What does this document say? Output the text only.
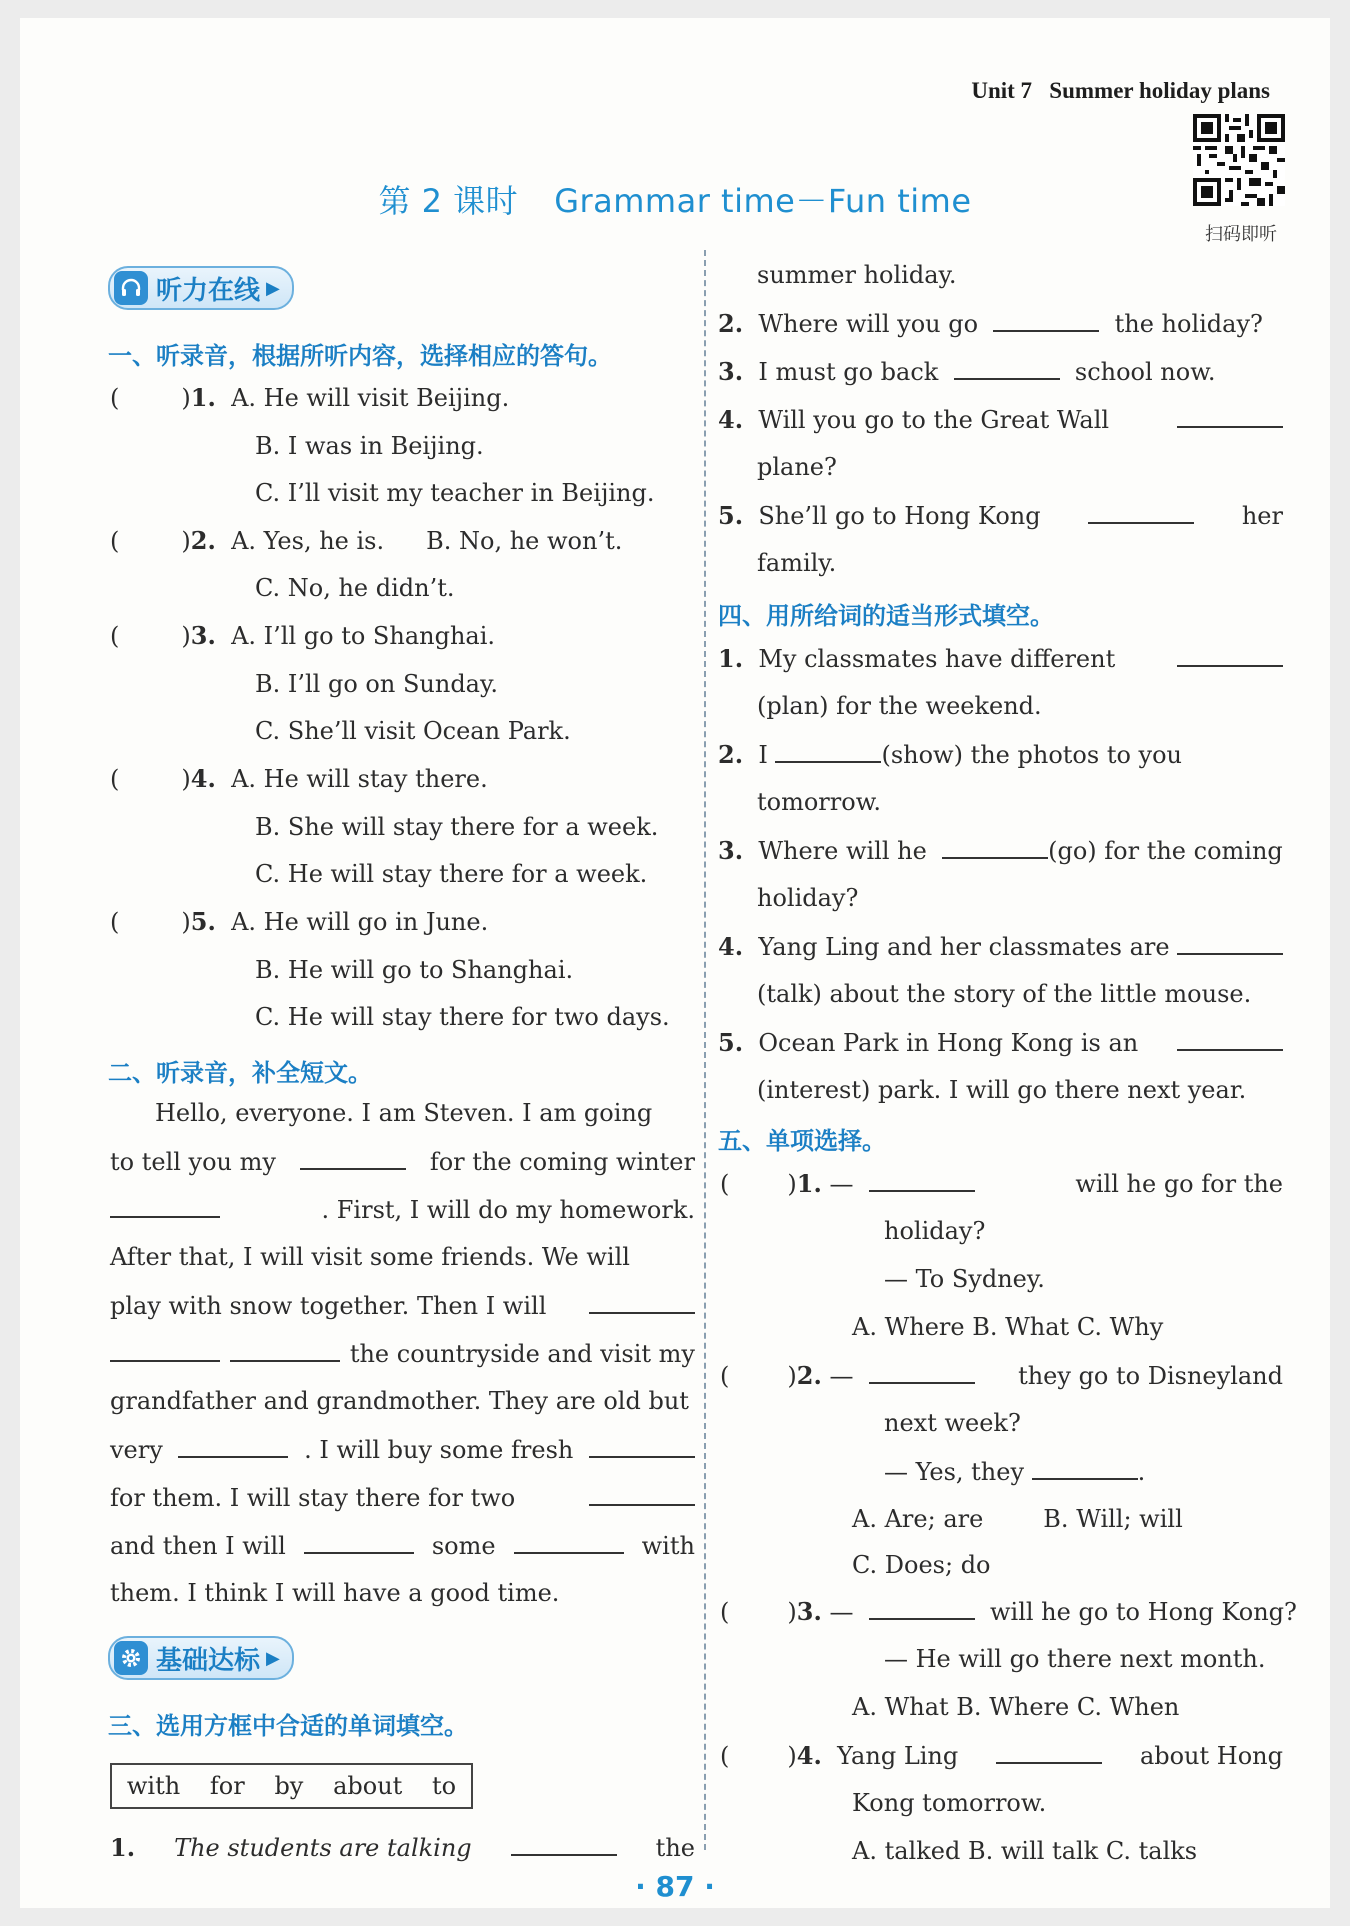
Unit 7 Summer holiday plans
扫码即听
第 2 课时 Grammar time－Fun time
听力在线 ▶
一、听录音，根据所听内容，选择相应的答句。
(	)1. A. He will visit Beijing.
B. I was in Beijing.
C. I’ll visit my teacher in Beijing.
(	)2. A. Yes, he is. B. No, he won’t.
C. No, he didn’t.
(	)3. A. I’ll go to Shanghai.
B. I’ll go on Sunday.
C. She’ll visit Ocean Park.
(	)4. A. He will stay there.
B. She will stay there for a week.
C. He will stay there for a week.
(	)5. A. He will go in June.
B. He will go to Shanghai.
C. He will stay there for two days.
二、听录音，补全短文。
Hello, everyone. I am Steven. I am going
to tell you my	for the coming winter
. First, I will do my homework.
After that, I will visit some friends. We will
play with snow together. Then I will
the countryside and visit my
grandfather and grandmother. They are old but
very	. I will buy some fresh
for them. I will stay there for two
and then I will	some	with
them. I think I will have a good time.
基础达标 ▶
三、选用方框中合适的单词填空。
with for by about to
1. The students are talking	the
summer holiday.
2. Where will you go	the holiday?
3. I must go back	school now.
4. Will you go to the Great Wall
plane?
5. She’ll go to Hong Kong	her
family.
四、用所给词的适当形式填空。
1. My classmates have different
(plan) for the weekend.
2. I	(show) the photos to you
tomorrow.
3. Where will he	(go) for the coming
holiday?
4. Yang Ling and her classmates are
(talk) about the story of the little mouse.
5. Ocean Park in Hong Kong is an
(interest) park. I will go there next year.
五、单项选择。
( )1. —	will he go for the
holiday?
— To Sydney.
A. Where B. What C. Why
( )2. —	they go to Disneyland
next week?
— Yes, they	.
A. Are; are	B. Will; will
C. Does; do
( )3. —	will he go to Hong Kong?
— He will go there next month.
A. What B. Where C. When
( )4. Yang Ling	about Hong
Kong tomorrow.
A. talked B. will talk C. talks
· 87 ·
